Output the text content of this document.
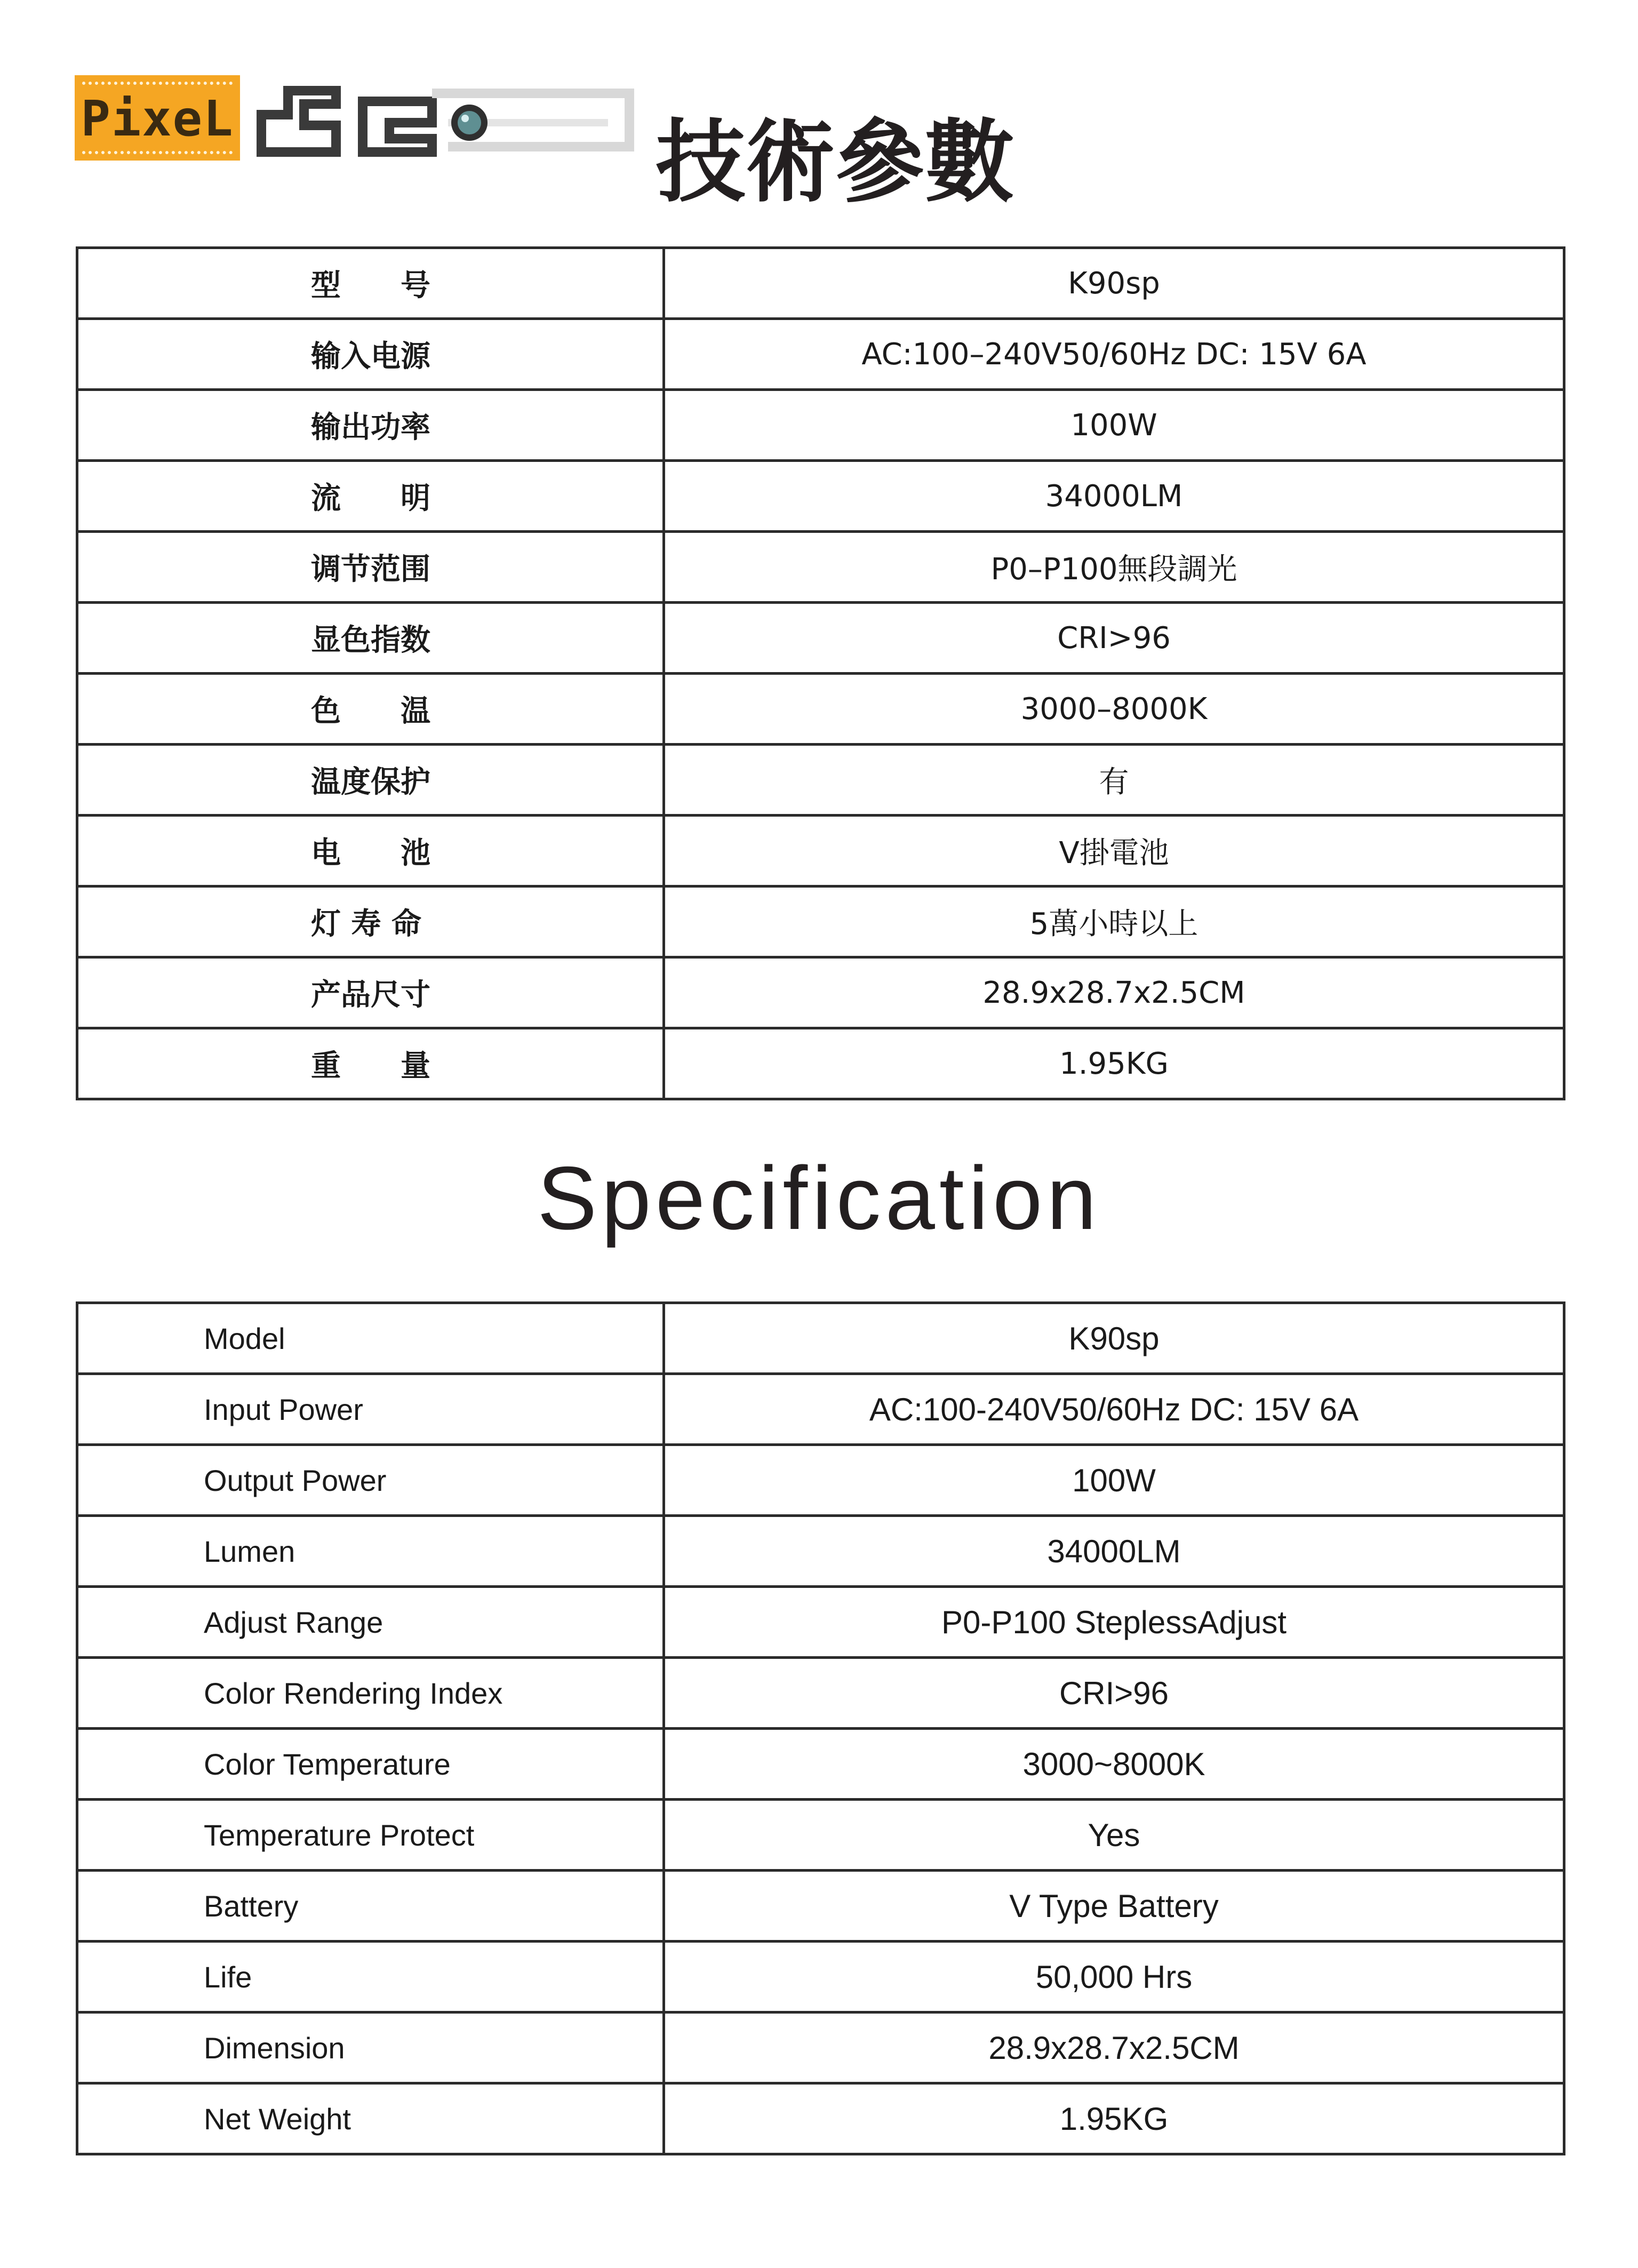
PixeL	技術參數
型　　号	K90sp
输入电源	AC:100–240V50/60Hz DC: 15V 6A
输出功率	100W
流　　明	34000LM
调节范围	P0–P100無段調光
显色指数	CRI>96
色　　温	3000–8000K
温度保护	有
电　　池	V掛電池
灯 寿 命	5萬小時以上
产品尺寸	28.9x28.7x2.5CM
重　　量	1.95KG
Specification
Model	K90sp
Input Power	AC:100-240V50/60Hz DC: 15V 6A
Output Power	100W
Lumen	34000LM
Adjust Range	P0-P100 SteplessAdjust
Color Rendering Index	CRI>96
Color Temperature	3000~8000K
Temperature Protect	Yes
Battery	V Type Battery
Life	50,000 Hrs
Dimension	28.9x28.7x2.5CM
Net Weight	1.95KG
